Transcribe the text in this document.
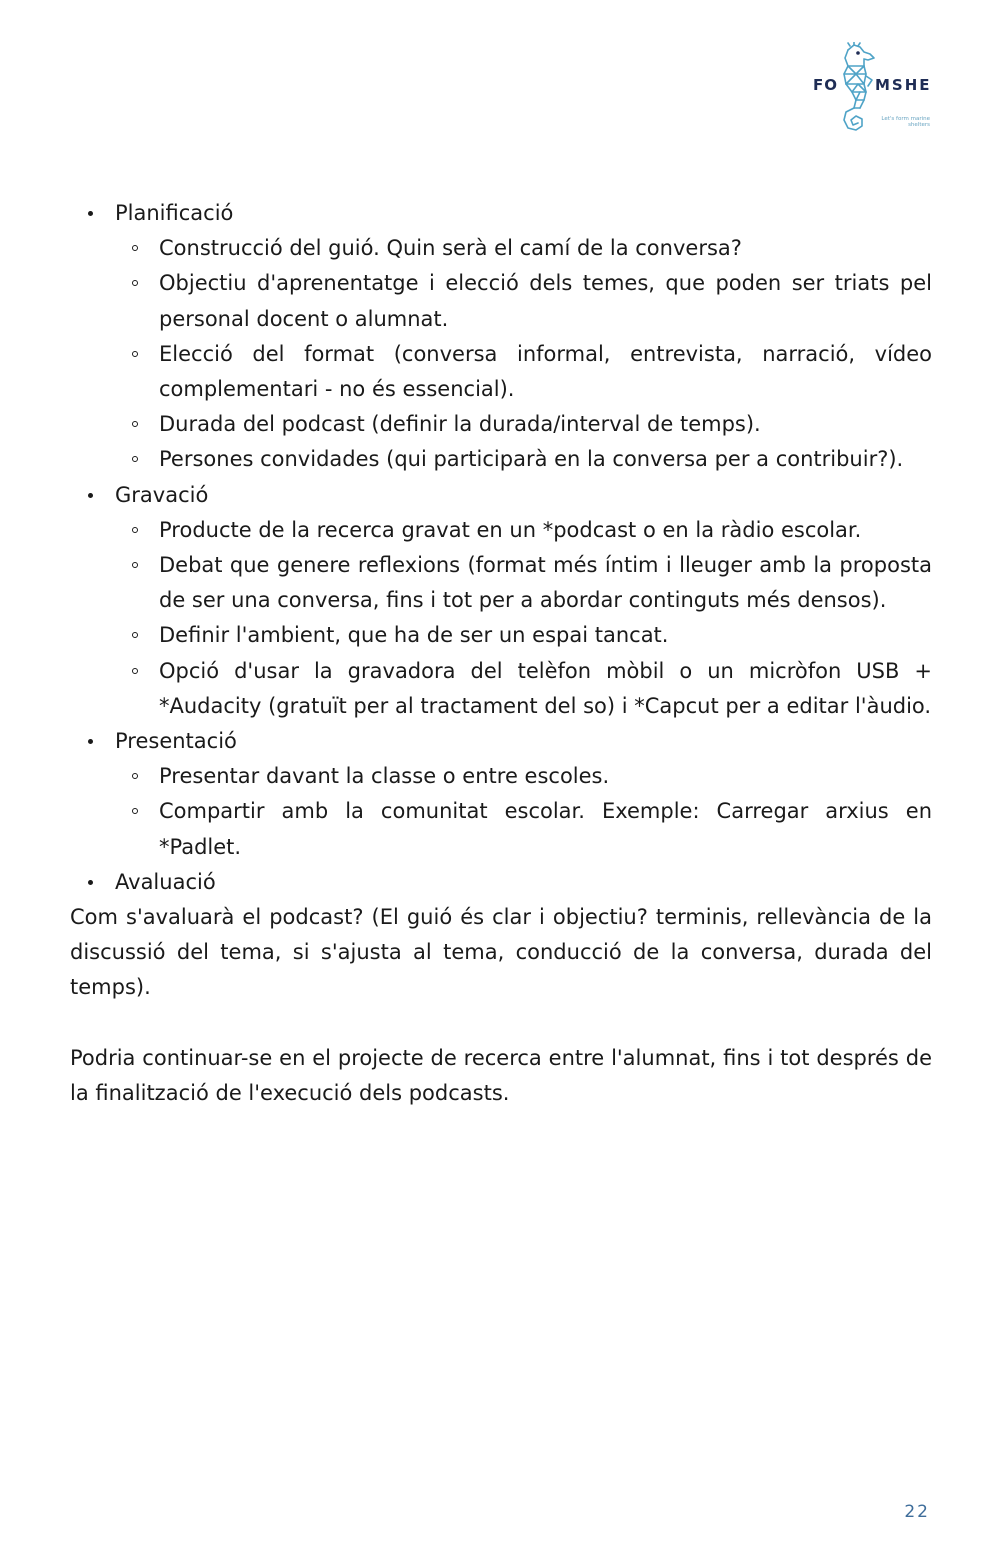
FO MSHE
Let's form marine shelters
Planificació
Construcció del guió. Quin serà el camí de la conversa?
Objectiu d'aprenentatge i elecció dels temes, que poden ser triats pel personal docent o alumnat.
Elecció del format (conversa informal, entrevista, narració, vídeo complementari - no és essencial).
Durada del podcast (definir la durada/interval de temps).
Persones convidades (qui participarà en la conversa per a contribuir?).
Gravació
Producte de la recerca gravat en un *podcast o en la ràdio escolar.
Debat que genere reflexions (format més íntim i lleuger amb la proposta de ser una conversa, fins i tot per a abordar continguts més densos).
Definir l'ambient, que ha de ser un espai tancat.
Opció d'usar la gravadora del telèfon mòbil o un micròfon USB + *Audacity (gratuït per al tractament del so) i *Capcut per a editar l'àudio.
Presentació
Presentar davant la classe o entre escoles.
Compartir amb la comunitat escolar. Exemple: Carregar arxius en *Padlet.
Avaluació
Com s'avaluarà el podcast? (El guió és clar i objectiu? terminis, rellevància de la discussió del tema, si s'ajusta al tema, conducció de la conversa, durada del temps).
Podria continuar-se en el projecte de recerca entre l'alumnat, fins i tot després de la finalització de l'execució dels podcasts.
22
